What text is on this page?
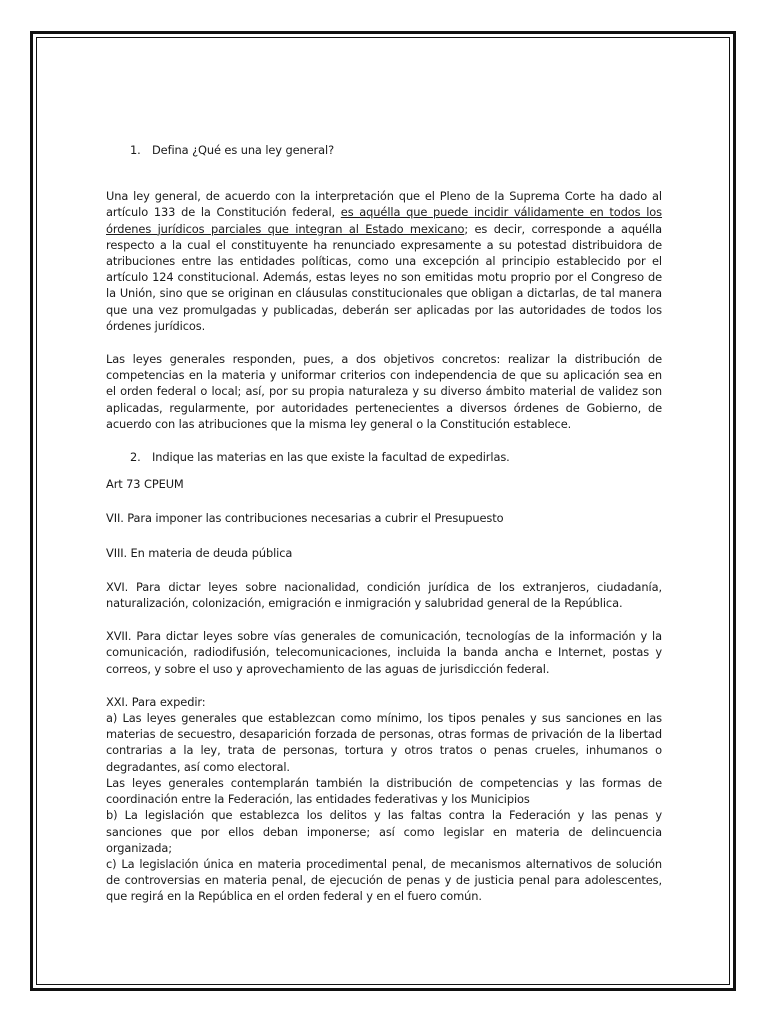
1. Defina ¿Qué es una ley general?

Una ley general, de acuerdo con la interpretación que el Pleno de la Suprema Corte ha dado al artículo 133 de la Constitución federal, es aquélla que puede incidir válidamente en todos los órdenes jurídicos parciales que integran al Estado mexicano; es decir, corresponde a aquélla respecto a la cual el constituyente ha renunciado expresamente a su potestad distribuidora de atribuciones entre las entidades políticas, como una excepción al principio establecido por el artículo 124 constitucional. Además, estas leyes no son emitidas motu proprio por el Congreso de la Unión, sino que se originan en cláusulas constitucionales que obligan a dictarlas, de tal manera que una vez promulgadas y publicadas, deberán ser aplicadas por las autoridades de todos los órdenes jurídicos.

Las leyes generales responden, pues, a dos objetivos concretos: realizar la distribución de competencias en la materia y uniformar criterios con independencia de que su aplicación sea en el orden federal o local; así, por su propia naturaleza y su diverso ámbito material de validez son aplicadas, regularmente, por autoridades pertenecientes a diversos órdenes de Gobierno, de acuerdo con las atribuciones que la misma ley general o la Constitución establece.

2. Indique las materias en las que existe la facultad de expedirlas.

Art 73 CPEUM

VII. Para imponer las contribuciones necesarias a cubrir el Presupuesto

VIII. En materia de deuda pública

XVI. Para dictar leyes sobre nacionalidad, condición jurídica de los extranjeros, ciudadanía, naturalización, colonización, emigración e inmigración y salubridad general de la República.

XVII. Para dictar leyes sobre vías generales de comunicación, tecnologías de la información y la comunicación, radiodifusión, telecomunicaciones, incluida la banda ancha e Internet, postas y correos, y sobre el uso y aprovechamiento de las aguas de jurisdicción federal.

XXI. Para expedir:

a) Las leyes generales que establezcan como mínimo, los tipos penales y sus sanciones en las materias de secuestro, desaparición forzada de personas, otras formas de privación de la libertad contrarias a la ley, trata de personas, tortura y otros tratos o penas crueles, inhumanos o degradantes, así como electoral.

Las leyes generales contemplarán también la distribución de competencias y las formas de coordinación entre la Federación, las entidades federativas y los Municipios

b) La legislación que establezca los delitos y las faltas contra la Federación y las penas y sanciones que por ellos deban imponerse; así como legislar en materia de delincuencia organizada;

c) La legislación única en materia procedimental penal, de mecanismos alternativos de solución de controversias en materia penal, de ejecución de penas y de justicia penal para adolescentes, que regirá en la República en el orden federal y en el fuero común.
